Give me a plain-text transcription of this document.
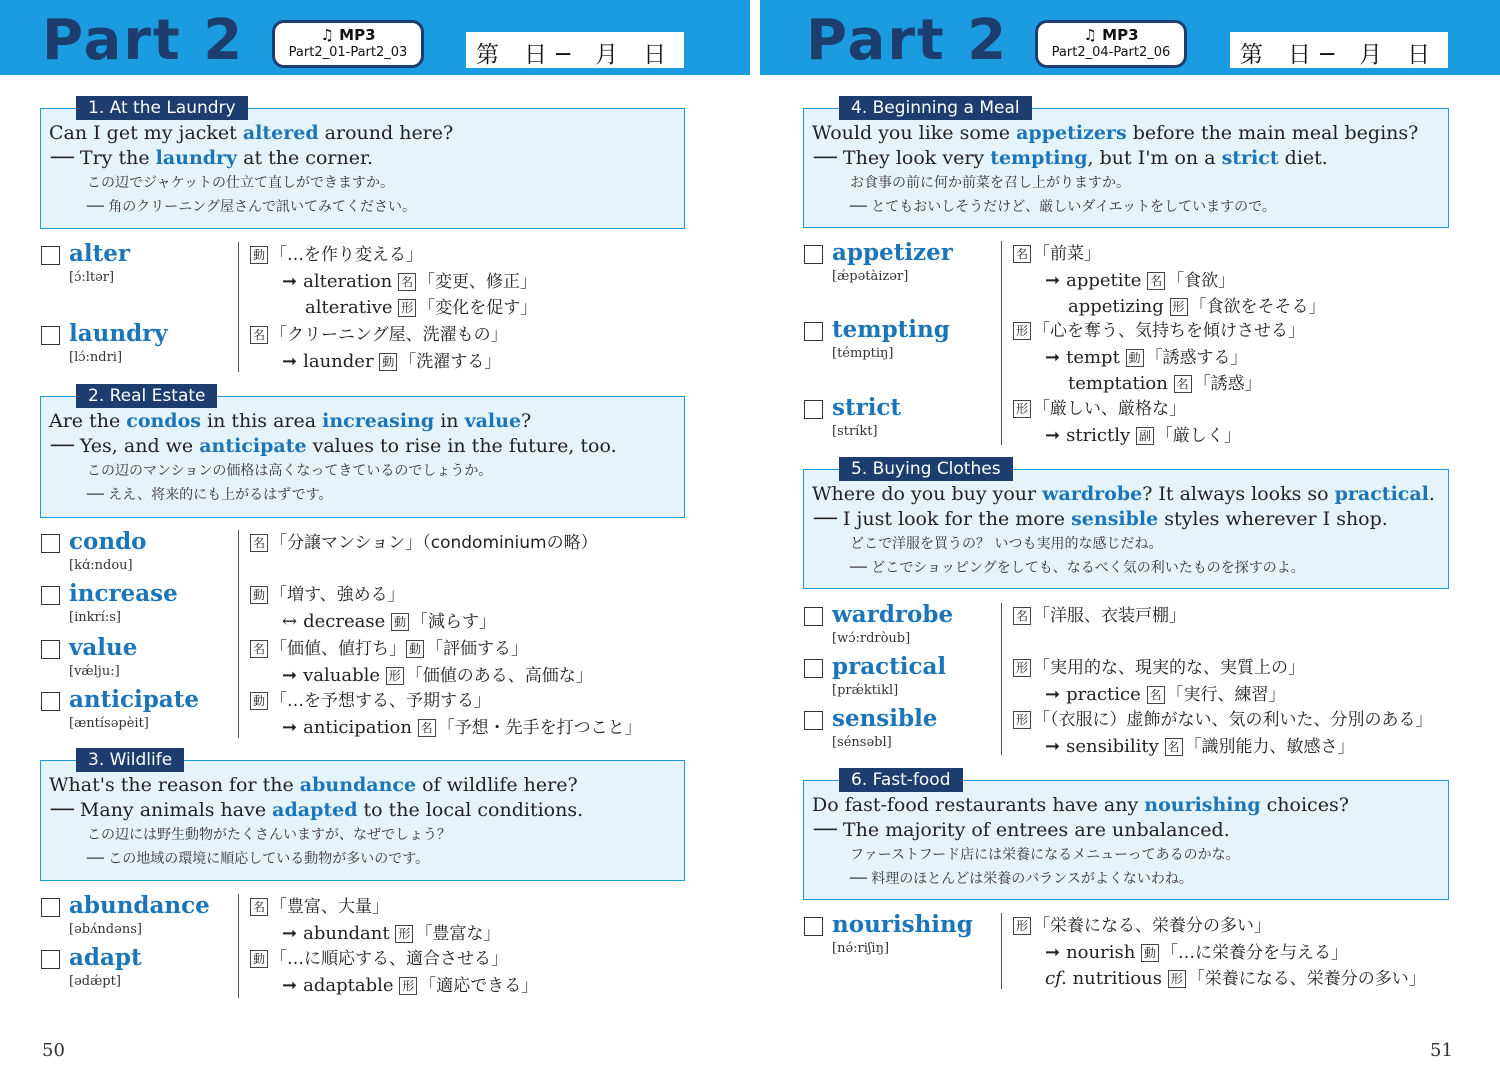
Part 2	♫ MP3
Part2_01-Part2_03	第　日 ─　月　日
1. At the Laundry
Can I get my jacket altered around here?
── Try the laundry at the corner.
この辺でジャケットの仕立て直しができますか。
── 角のクリーニング屋さんで訊いてみてください。
alter
[ɔ́:ltər]
動 「…を作り変える」
➞ alteration 名 「変更、修正」
alterative 形 「変化を促す」
laundry
[lɔ́:ndri]
名 「クリーニング屋、洗濯もの」
➞ launder 動 「洗濯する」
2. Real Estate
Are the condos in this area increasing in value?
── Yes, and we anticipate values to rise in the future, too.
この辺のマンションの価格は高くなってきているのでしょうか。
── ええ、将来的にも上がるはずです。
condo
[kɑ́:ndou]
名 「分譲マンション」（condominiumの略）
increase
[inkrí:s]
動 「増す、強める」
↔ decrease 動 「減らす」
value
[vǽlju:]
名 「価値、値打ち」 動 「評価する」
➞ valuable 形 「価値のある、高価な」
anticipate
[æntísəpèit]
動 「…を予想する、予期する」
➞ anticipation 名 「予想・先手を打つこと」
3. Wildlife
What's the reason for the abundance of wildlife here?
── Many animals have adapted to the local conditions.
この辺には野生動物がたくさんいますが、なぜでしょう？
── この地域の環境に順応している動物が多いのです。
abundance
[əbʌ́ndəns]
名 「豊富、大量」
➞ abundant 形 「豊富な」
adapt
[ədǽpt]
動 「…に順応する、適合させる」
➞ adaptable 形 「適応できる」
50
Part 2	♫ MP3
Part2_04-Part2_06	第　日 ─　月　日
4. Beginning a Meal
Would you like some appetizers before the main meal begins?
── They look very tempting, but I'm on a strict diet.
お食事の前に何か前菜を召し上がりますか。
── とてもおいしそうだけど、厳しいダイエットをしていますので。
appetizer
[ǽpətàizər]
名 「前菜」
➞ appetite 名 「食欲」
appetizing 形 「食欲をそそる」
tempting
[témptiŋ]
形 「心を奪う、気持ちを傾けさせる」
➞ tempt 動 「誘惑する」
temptation 名 「誘惑」
strict
[stríkt]
形 「厳しい、厳格な」
➞ strictly 副 「厳しく」
5. Buying Clothes
Where do you buy your wardrobe? It always looks so practical.
── I just look for the more sensible styles wherever I shop.
どこで洋服を買うの？ いつも実用的な感じだね。
── どこでショッピングをしても、なるべく気の利いたものを探すのよ。
wardrobe
[wɔ́:rdròub]
名 「洋服、衣装戸棚」
practical
[prǽktikl]
形 「実用的な、現実的な、実質上の」
➞ practice 名 「実行、練習」
sensible
[sénsəbl]
形 「（衣服に）虚飾がない、気の利いた、分別のある」
➞ sensibility 名 「識別能力、敏感さ」
6. Fast-food
Do fast-food restaurants have any nourishing choices?
── The majority of entrees are unbalanced.
ファーストフード店には栄養になるメニューってあるのかな。
── 料理のほとんどは栄養のバランスがよくないわね。
nourishing
[nə́:riʃiŋ]
形 「栄養になる、栄養分の多い」
➞ nourish 動 「…に栄養分を与える」
cf. nutritious 形 「栄養になる、栄養分の多い」
51
